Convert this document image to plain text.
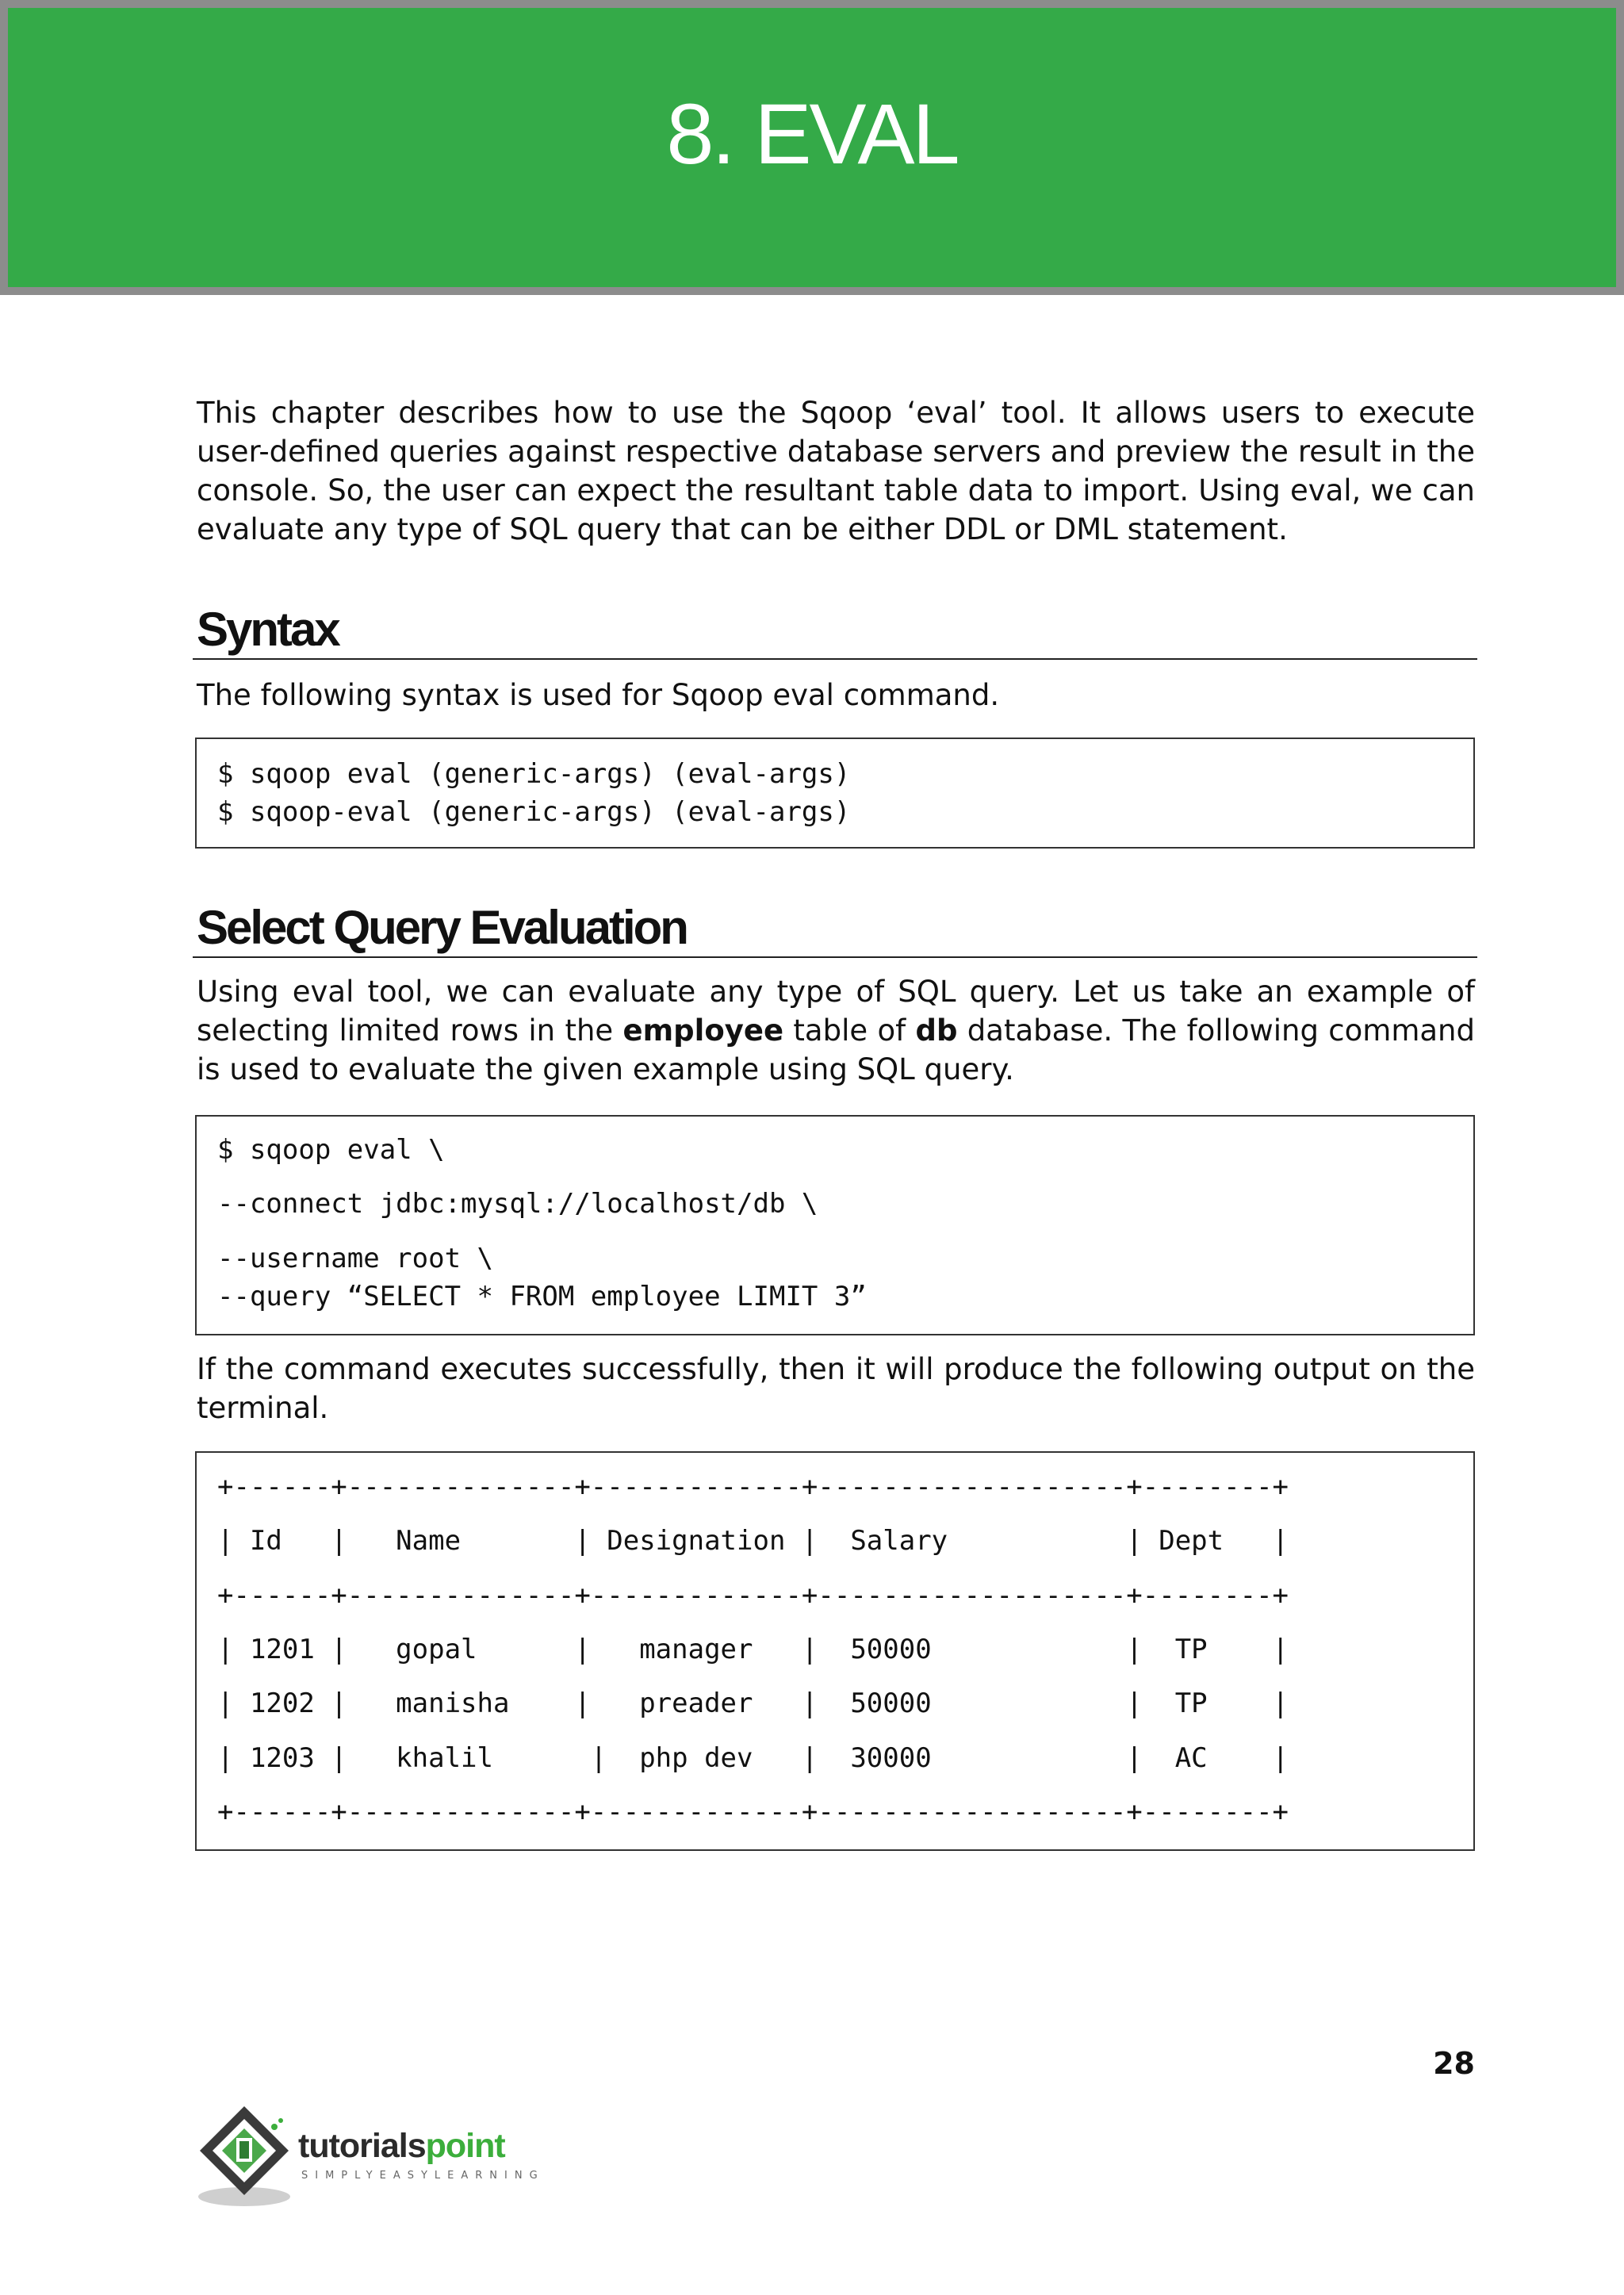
8. EVAL

This chapter describes how to use the Sqoop ‘eval’ tool. It allows users to execute user-defined queries against respective database servers and preview the result in the console. So, the user can expect the resultant table data to import. Using eval, we can evaluate any type of SQL query that can be either DDL or DML statement.

Syntax

The following syntax is used for Sqoop eval command.

$ sqoop eval (generic-args) (eval-args)
$ sqoop-eval (generic-args) (eval-args)
Select Query Evaluation

Using eval tool, we can evaluate any type of SQL query. Let us take an example of selecting limited rows in the employee table of db database. The following command is used to evaluate the given example using SQL query.

$ sqoop eval \
--connect jdbc:mysql://localhost/db \
--username root \
--query “SELECT * FROM employee LIMIT 3”

If the command executes successfully, then it will produce the following output on the terminal.

+------+--------------+-------------+-------------------+--------+
| Id   |   Name       | Designation |  Salary           | Dept   |
+------+--------------+-------------+-------------------+--------+
| 1201 |   gopal      |   manager   |  50000            |  TP    |
| 1202 |   manisha    |   preader   |  50000            |  TP    |
| 1203 |   khalil      |  php dev   |  30000            |  AC    |
+------+--------------+-------------+-------------------+--------+
28
tutorialspoint
SIMPLYEASYLEARNING
